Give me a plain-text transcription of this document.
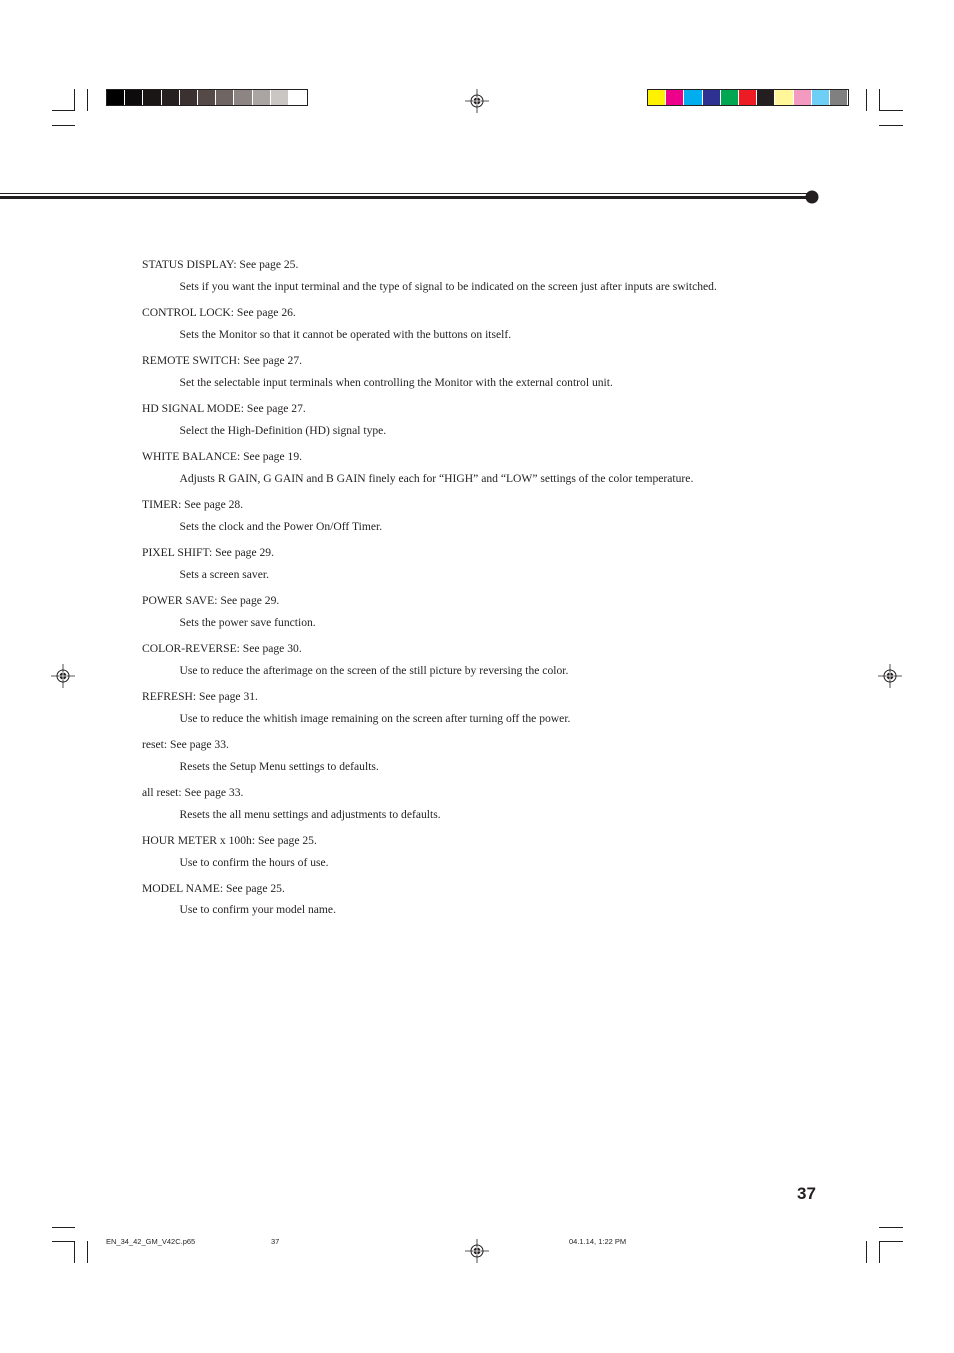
STATUS DISPLAY: See page 25.
Sets if you want the input terminal and the type of signal to be indicated on the screen just after inputs are switched.
CONTROL LOCK: See page 26.
Sets the Monitor so that it cannot be operated with the buttons on itself.
REMOTE SWITCH: See page 27.
Set the selectable input terminals when controlling the Monitor with the external control unit.
HD SIGNAL MODE: See page 27.
Select the High-Definition (HD) signal type.
WHITE BALANCE: See page 19.
Adjusts R GAIN, G GAIN and B GAIN finely each for “HIGH” and “LOW” settings of the color temperature.
TIMER: See page 28.
Sets the clock and the Power On/Off Timer.
PIXEL SHIFT: See page 29.
Sets a screen saver.
POWER SAVE: See page 29.
Sets the power save function.
COLOR-REVERSE: See page 30.
Use to reduce the afterimage on the screen of the still picture by reversing the color.
REFRESH: See page 31.
Use to reduce the whitish image remaining on the screen after turning off the power.
reset: See page 33.
Resets the Setup Menu settings to defaults.
all reset: See page 33.
Resets the all menu settings and adjustments to defaults.
HOUR METER x 100h: See page 25.
Use to confirm the hours of use.
MODEL NAME: See page 25.
Use to confirm your model name.
37
EN_34_42_GM_V42C.p65	37	04.1.14, 1:22 PM
